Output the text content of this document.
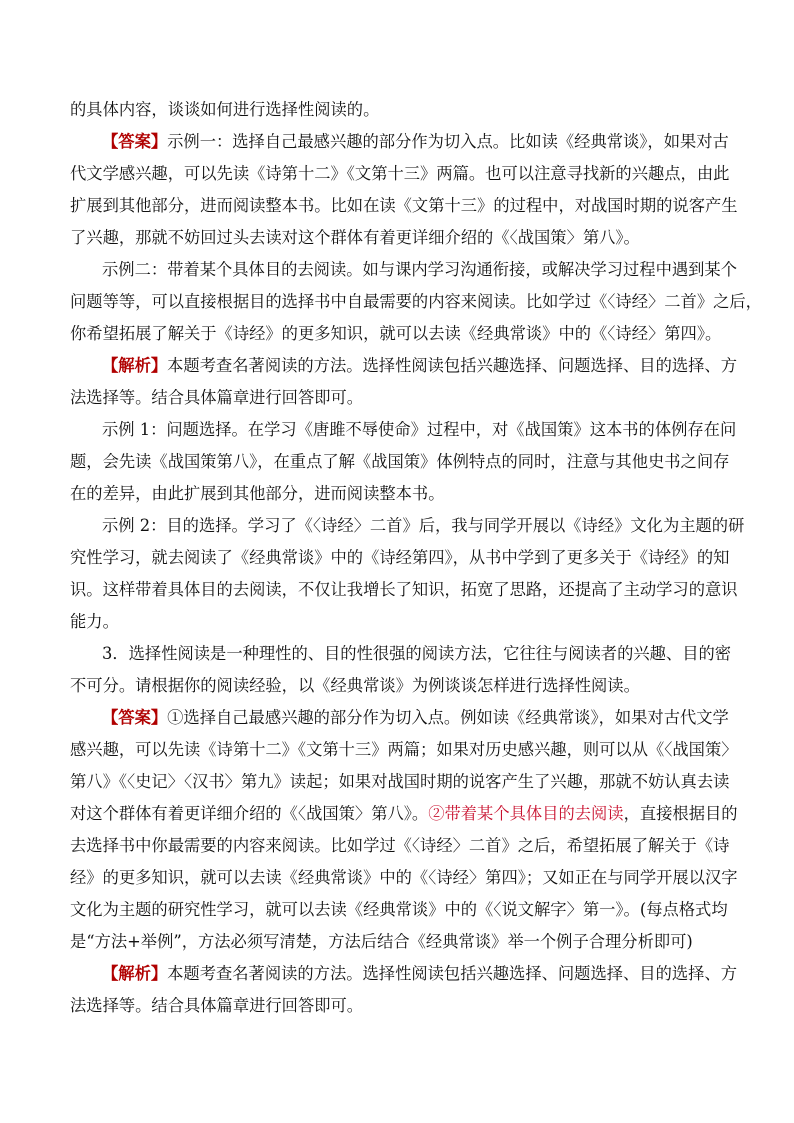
的具体内容，谈谈如何进行选择性阅读的。
【答案】示例一：选择自己最感兴趣的部分作为切入点。比如读《经典常谈》，如果对古
代文学感兴趣，可以先读《诗第十二》《文第十三》两篇。也可以注意寻找新的兴趣点，由此
扩展到其他部分，进而阅读整本书。比如在读《文第十三》的过程中，对战国时期的说客产生
了兴趣，那就不妨回过头去读对这个群体有着更详细介绍的《〈战国策〉第八》。
示例二：带着某个具体目的去阅读。如与课内学习沟通衔接，或解决学习过程中遇到某个
问题等等，可以直接根据目的选择书中自最需要的内容来阅读。比如学过《〈诗经〉二首》之后，
你希望拓展了解关于《诗经》的更多知识，就可以去读《经典常谈》中的《〈诗经〉第四》。
【解析】本题考查名著阅读的方法。选择性阅读包括兴趣选择、问题选择、目的选择、方
法选择等。结合具体篇章进行回答即可。
示例 1：问题选择。在学习《唐雎不辱使命》过程中，对《战国策》这本书的体例存在问
题，会先读《战国策第八》，在重点了解《战国策》体例特点的同时，注意与其他史书之间存
在的差异，由此扩展到其他部分，进而阅读整本书。
示例 2：目的选择。学习了《〈诗经〉二首》后，我与同学开展以《诗经》文化为主题的研
究性学习，就去阅读了《经典常谈》中的《诗经第四》，从书中学到了更多关于《诗经》的知
识。这样带着具体目的去阅读，不仅让我增长了知识，拓宽了思路，还提高了主动学习的意识
能力。
3．选择性阅读是一种理性的、目的性很强的阅读方法，它往往与阅读者的兴趣、目的密
不可分。请根据你的阅读经验，以《经典常谈》为例谈谈怎样进行选择性阅读。
【答案】①选择自己最感兴趣的部分作为切入点。例如读《经典常谈》，如果对古代文学
感兴趣，可以先读《诗第十二》《文第十三》两篇；如果对历史感兴趣，则可以从《〈战国策〉
第八》《〈史记〉〈汉书〉第九》读起；如果对战国时期的说客产生了兴趣，那就不妨认真去读
对这个群体有着更详细介绍的《〈战国策〉第八》。②带着某个具体目的去阅读，直接根据目的
去选择书中你最需要的内容来阅读。比如学过《〈诗经〉二首》之后，希望拓展了解关于《诗
经》的更多知识，就可以去读《经典常谈》中的《〈诗经〉第四》；又如正在与同学开展以汉字
文化为主题的研究性学习，就可以去读《经典常谈》中的《〈说文解字〉第一》。(每点格式均
是“方法+举例”，方法必须写清楚，方法后结合《经典常谈》举一个例子合理分析即可)
【解析】本题考查名著阅读的方法。选择性阅读包括兴趣选择、问题选择、目的选择、方
法选择等。结合具体篇章进行回答即可。
